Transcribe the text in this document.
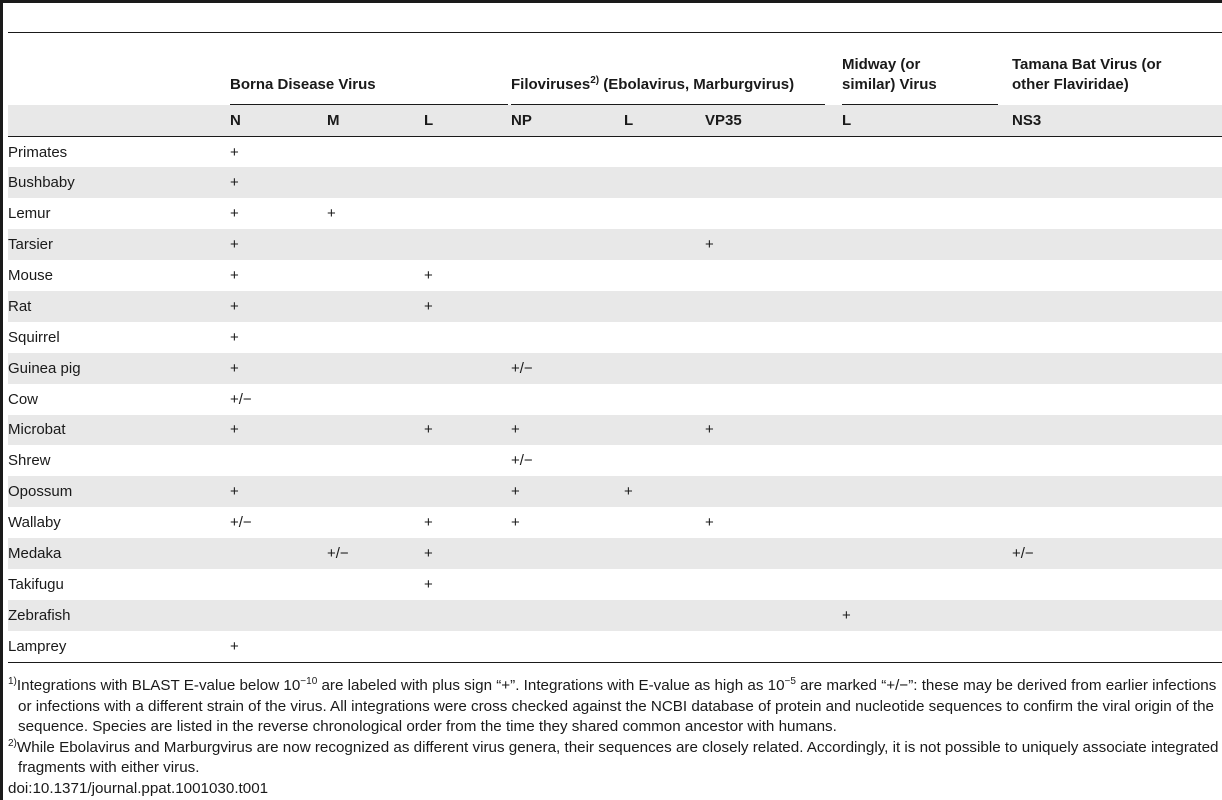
	Borna Disease Virus			Filoviruses$^{2)}$ (Ebolavirus, Marburgvirus)			Midway (or similar) Virus	Tamana Bat Virus (or other Flaviridae)

	N	M	L	NP	L	VP35	L	NS3
Primates	+							
Bushbaby	+							
Lemur	+	+						
Tarsier	+					+		
Mouse	+		+					
Rat	+		+					
Squirrel	+							
Guinea pig	+			+/−				
Cow	+/−							
Microbat	+		+	+		+		
Shrew				+/−				
Opossum	+			+	+			
Wallaby	+/−		+	+		+		
Medaka		+/−	+					+/−
Takifugu			+					
Zebrafish							+	
Lamprey	+							

$^{1)}$Integrations with BLAST E-value below $10^{-10}$ are labeled with plus sign “+”. Integrations with E-value as high as $10^{-5}$ are marked “+/−”: these may be derived from earlier infections or infections with a different strain of the virus. All integrations were cross checked against the NCBI database of protein and nucleotide sequences to confirm the viral origin of the sequence. Species are listed in the reverse chronological order from the time they shared common ancestor with humans.

$^{2)}$While Ebolavirus and Marburgvirus are now recognized as different virus genera, their sequences are closely related. Accordingly, it is not possible to uniquely associate integrated fragments with either virus.

doi:10.1371/journal.ppat.1001030.t001
